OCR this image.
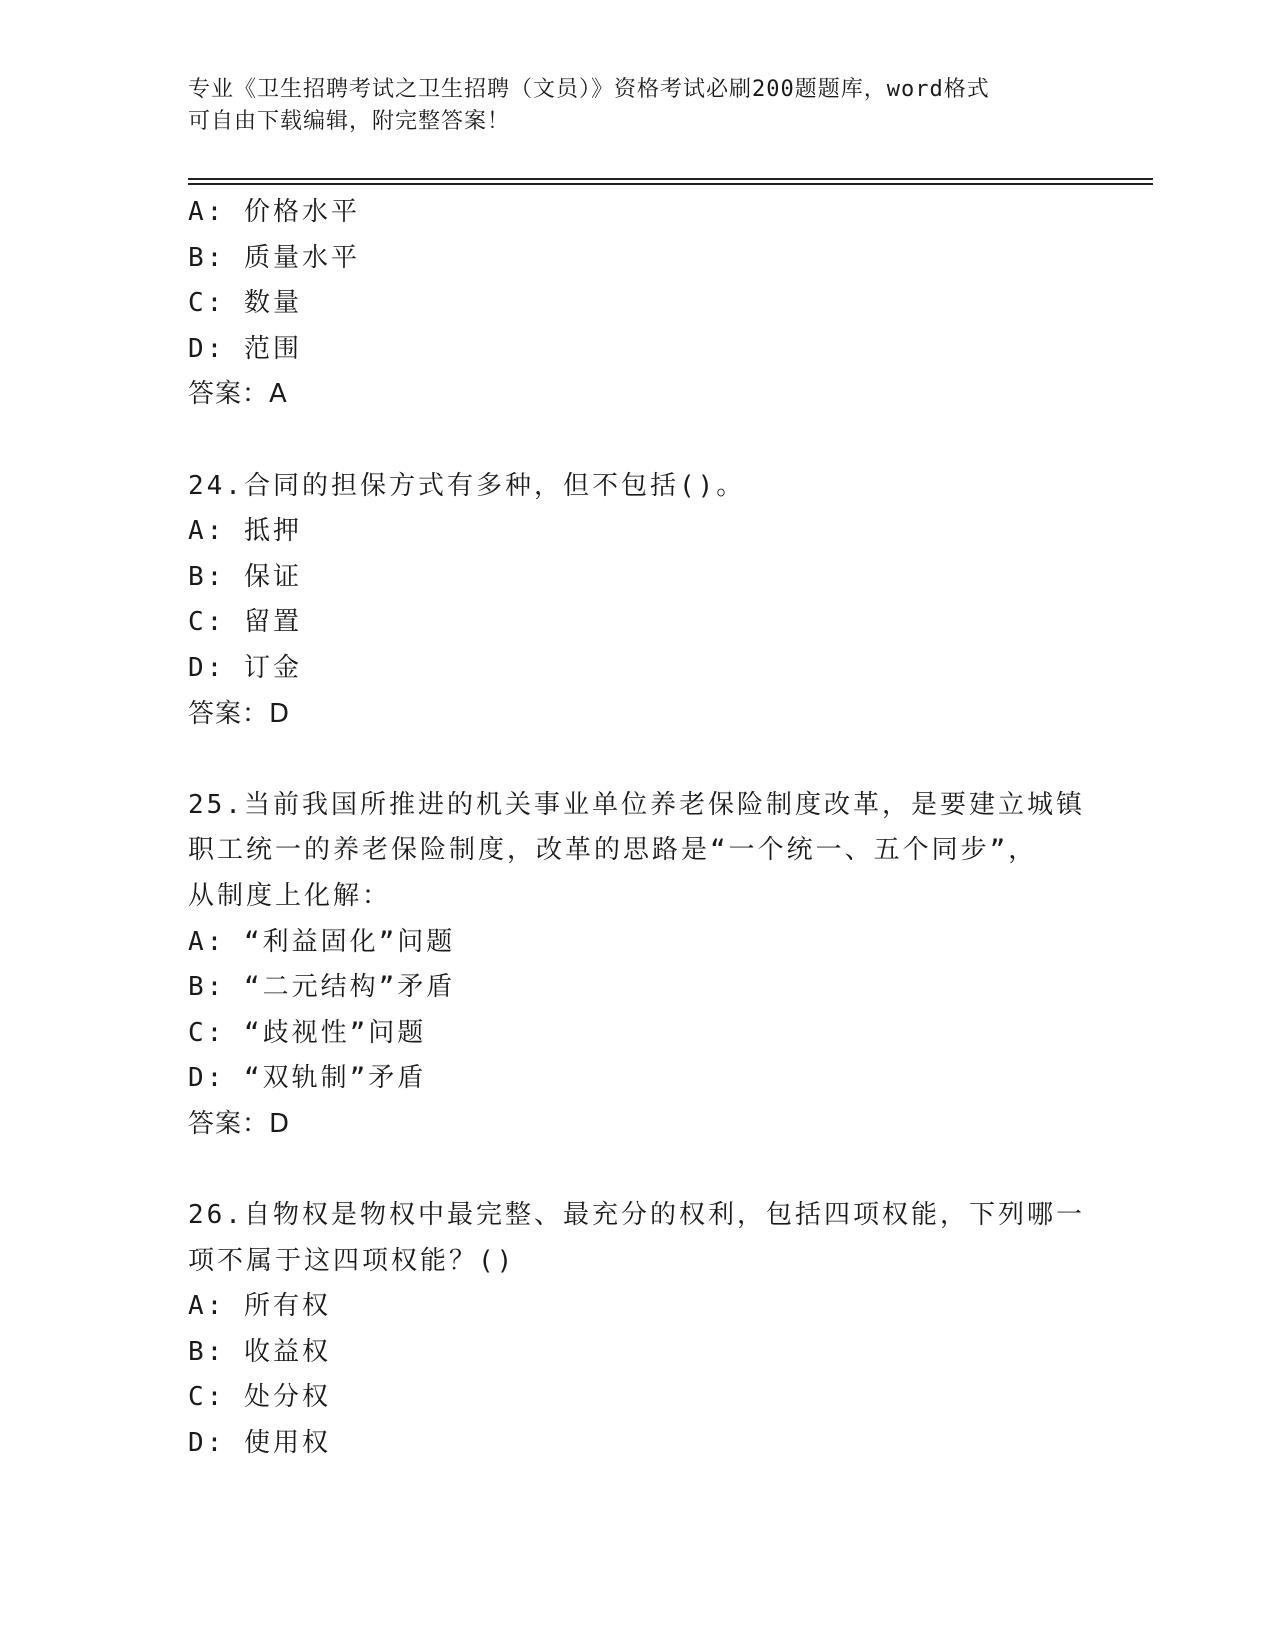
专业《卫生招聘考试之卫生招聘（文员）》资格考试必刷200题题库，word格式
可自由下载编辑，附完整答案！
A: 价格水平
B: 质量水平
C: 数量
D: 范围
答案：A
24.合同的担保方式有多种，但不包括()。
A: 抵押
B: 保证
C: 留置
D: 订金
答案：D
25.当前我国所推进的机关事业单位养老保险制度改革，是要建立城镇
职工统一的养老保险制度，改革的思路是“一个统一、五个同步”，
从制度上化解：
A: “利益固化”问题
B: “二元结构”矛盾
C: “歧视性”问题
D: “双轨制”矛盾
答案：D
26.自物权是物权中最完整、最充分的权利，包括四项权能，下列哪一
项不属于这四项权能？()
A: 所有权
B: 收益权
C: 处分权
D: 使用权
